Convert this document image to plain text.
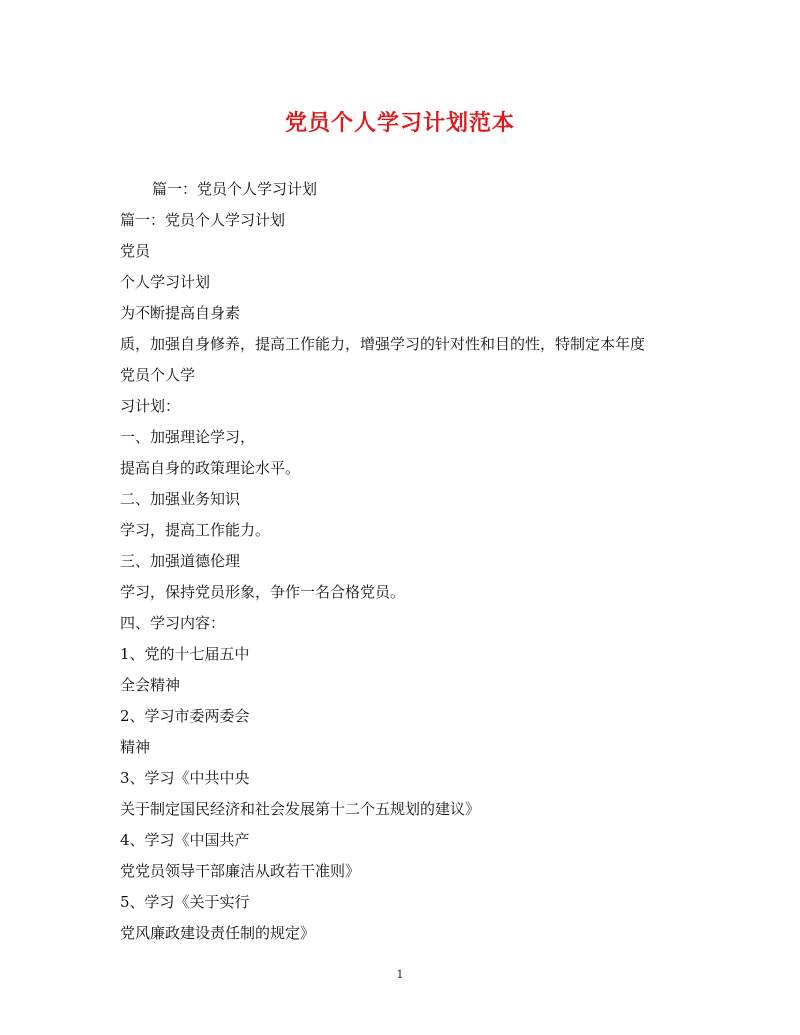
党员个人学习计划范本
篇一：党员个人学习计划
篇一：党员个人学习计划
党员
个人学习计划
为不断提高自身素
质，加强自身修养，提高工作能力，增强学习的针对性和目的性，特制定本年度
党员个人学
习计划：
一、加强理论学习，
提高自身的政策理论水平。
二、加强业务知识
学习，提高工作能力。
三、加强道德伦理
学习，保持党员形象，争作一名合格党员。
四、学习内容：
1、党的十七届五中
全会精神
2、学习市委两委会
精神
3、学习《中共中央
关于制定国民经济和社会发展第十二个五规划的建议》
4、学习《中国共产
党党员领导干部廉洁从政若干准则》
5、学习《关于实行
党风廉政建设责任制的规定》
1
